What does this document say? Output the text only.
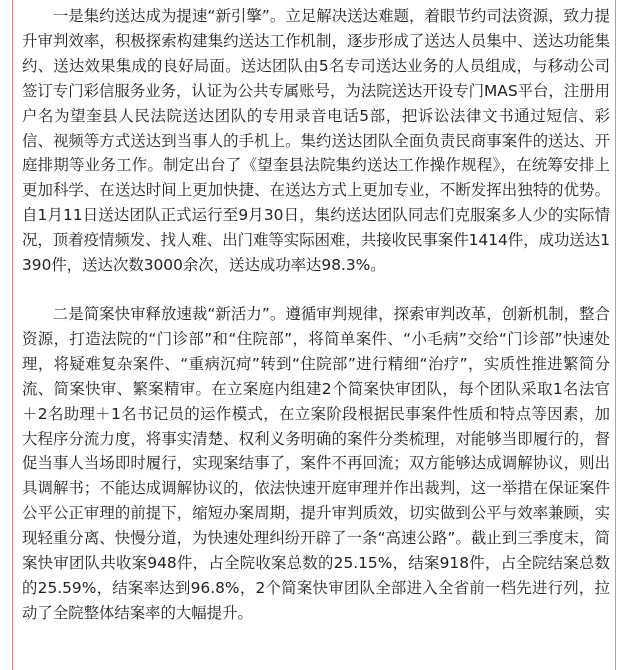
一是集约送达成为提速“新引擎”。立足解决送达难题，着眼节约司法资源，致力提升审判效率，积极探索构建集约送达工作机制，逐步形成了送达人员集中、送达功能集约、送达效果集成的良好局面。送达团队由5名专司送达业务的人员组成，与移动公司签订专门彩信服务业务，认证为公共专属账号，为法院送达开设专门MAS平台，注册用户名为望奎县人民法院送达团队的专用录音电话5部，把诉讼法律文书通过短信、彩信、视频等方式送达到当事人的手机上。集约送达团队全面负责民商事案件的送达、开庭排期等业务工作。制定出台了《望奎县法院集约送达工作操作规程》，在统筹安排上更加科学、在送达时间上更加快捷、在送达方式上更加专业，不断发挥出独特的优势。自1月11日送达团队正式运行至9月30日，集约送达团队同志们克服案多人少的实际情况，顶着疫情频发、找人难、出门难等实际困难，共接收民事案件1414件，成功送达1390件，送达次数3000余次，送达成功率达98.3%。

二是简案快审释放速裁“新活力”。遵循审判规律，探索审判改革，创新机制，整合资源，打造法院的“门诊部”和“住院部”，将简单案件、“小毛病”交给“门诊部”快速处理，将疑难复杂案件、“重病沉疴”转到“住院部”进行精细“治疗”，实质性推进繁简分流、简案快审、繁案精审。在立案庭内组建2个简案快审团队，每个团队采取1名法官＋2名助理＋1名书记员的运作模式，在立案阶段根据民事案件性质和特点等因素，加大程序分流力度，将事实清楚、权利义务明确的案件分类梳理，对能够当即履行的，督促当事人当场即时履行，实现案结事了，案件不再回流；双方能够达成调解协议，则出具调解书；不能达成调解协议的，依法快速开庭审理并作出裁判，这一举措在保证案件公平公正审理的前提下，缩短办案周期，提升审判质效，切实做到公平与效率兼顾，实现轻重分离、快慢分道，为快速处理纠纷开辟了一条“高速公路”。截止到三季度末，简案快审团队共收案948件，占全院收案总数的25.15%，结案918件，占全院结案总数的25.59%，结案率达到96.8%，2个简案快审团队全部进入全省前一档先进行列，拉动了全院整体结案率的大幅提升。
